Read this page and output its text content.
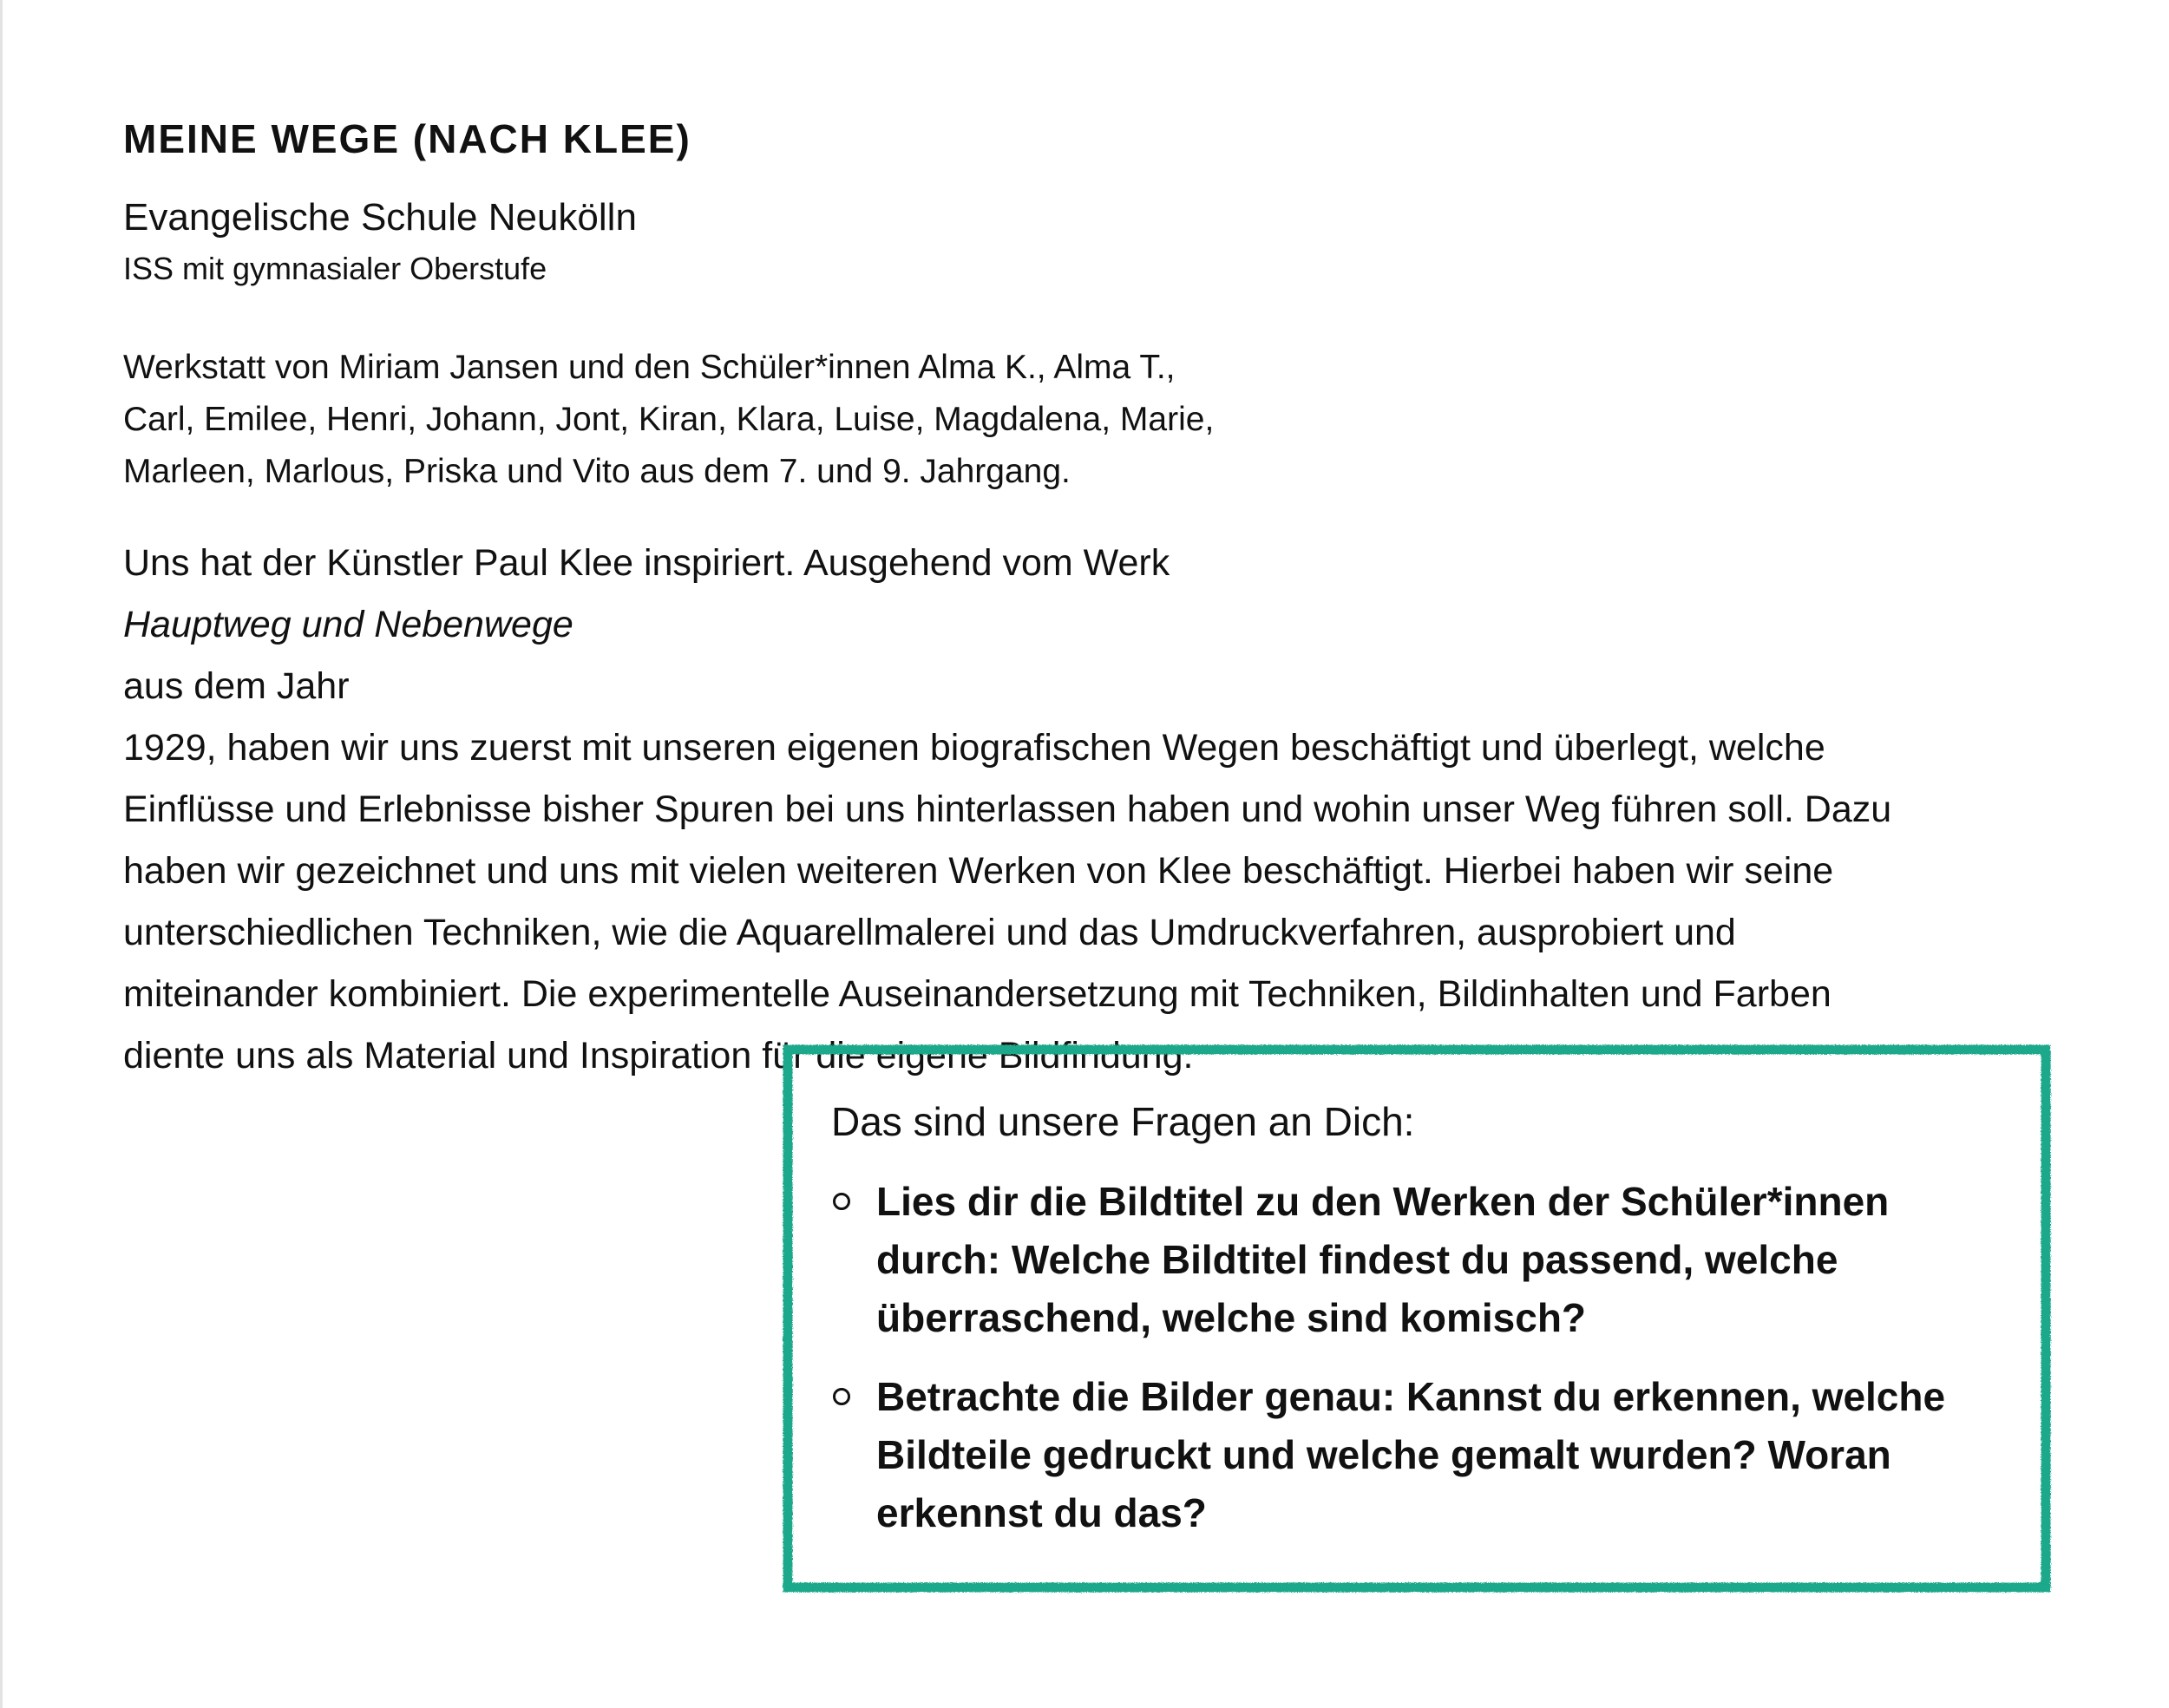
MEINE WEGE (NACH KLEE)

Evangelische Schule Neukölln

ISS mit gymnasialer Oberstufe

Werkstatt von Miriam Jansen und den Schüler*innen Alma K., Alma T.,
Carl, Emilee, Henri, Johann, Jont, Kiran, Klara, Luise, Magdalena, Marie,
Marleen, Marlous, Priska und Vito aus dem 7. und 9. Jahrgang.

Uns hat der Künstler Paul Klee inspiriert. Ausgehend vom Werk
Hauptweg und Nebenwege
aus dem Jahr
1929, haben wir uns zuerst mit unseren eigenen biografischen Wegen beschäftigt und überlegt, welche
Einflüsse und Erlebnisse bisher Spuren bei uns hinterlassen haben und wohin unser Weg führen soll. Dazu
haben wir gezeichnet und uns mit vielen weiteren Werken von Klee beschäftigt. Hierbei haben wir seine
unterschiedlichen Techniken, wie die Aquarellmalerei und das Umdruckverfahren, ausprobiert und
miteinander kombiniert. Die experimentelle Auseinandersetzung mit Techniken, Bildinhalten und Farben
diente uns als Material und Inspiration für die eigene Bildfindung.

Das sind unsere Fragen an Dich:

Lies dir die Bildtitel zu den Werken der Schüler*innen
durch: Welche Bildtitel findest du passend, welche
überraschend, welche sind komisch?
Betrachte die Bilder genau: Kannst du erkennen, welche
Bildteile gedruckt und welche gemalt wurden? Woran
erkennst du das?
